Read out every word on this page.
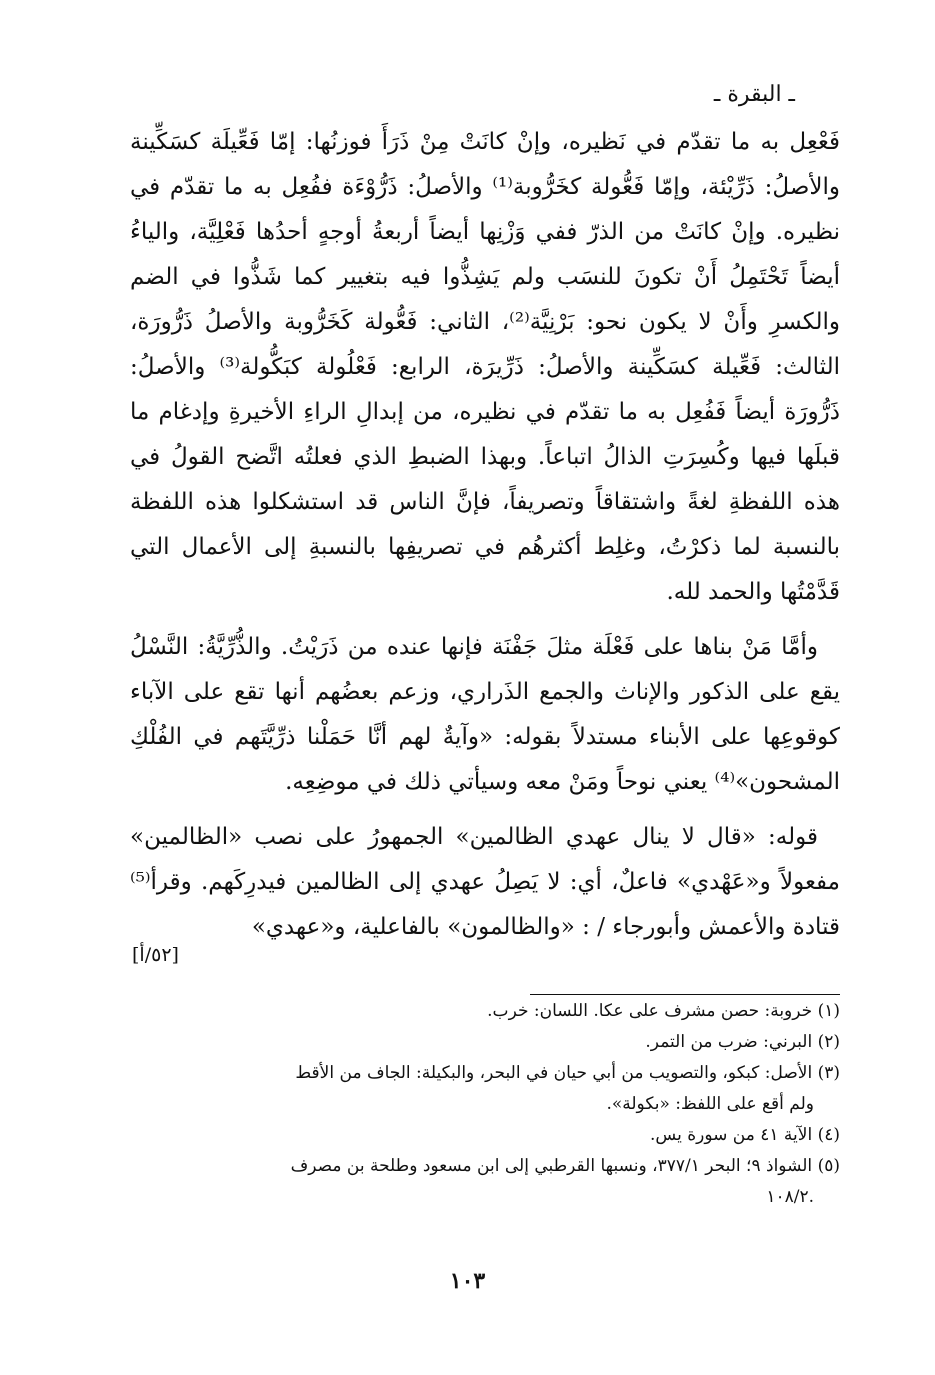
ـ البقرة ـ

فَعْعِل به ما تقدّم في نَظيره، وإنْ كانَتْ مِنْ ذَرَأَ فوزنُها: إمّا فَعِّيلَة كسَكِّينة والأصلُ: ذَرِّيْئة، وإمّا فَعُّولة كخَرُّوبة⁽¹⁾ والأصلُ: ذَرُّوْءَة ففُعِل به ما تقدّم في نظيره. وإنْ كانَتْ من الذرّ ففي وَزْنِها أيضاً أربعةُ أوجهٍ أحدُها فَعْلِيَّة، والياءُ أيضاً تَحْتَمِلُ أَنْ تكونَ للنسَب ولم يَشِذُّوا فيه بتغيير كما شَذُّوا في الضم والكسرِ وأَنْ لا يكون نحو: بَرْنِيَّة⁽²⁾، الثاني: فَعُّولة كَخَرُّوبة والأصلُ ذَرُّورَة، الثالث: فَعِّيلة كسَكِّينة والأصلُ: ذَرِّيرَة، الرابع: فَعْلُولة كبَكُّولة⁽³⁾ والأصلُ: ذَرُّورَة أيضاً فَفُعِل به ما تقدّم في نظيره، من إبدالِ الراءِ الأخيرةِ وإدغام ما قبلَها فيها وكُسِرَتِ الذالُ اتباعاً. وبهذا الضبطِ الذي فعلتُه اتَّضح القولُ في هذه اللفظةِ لغةً واشتقاقاً وتصريفاً، فإنَّ الناس قد استشكلوا هذه اللفظة بالنسبة لما ذكرْتُ، وغلِط أكثرهُم في تصريفِها بالنسبةِ إلى الأعمال التي قَدَّمْتُها والحمد لله.

وأمَّا مَنْ بناها على فَعْلَة مثلَ جَفْنَة فإنها عنده من ذَرَيْتُ. والذُّرِّيَّةُ: النَّسْلُ يقع على الذكور والإناث والجمع الذَراري، وزعم بعضُهم أنها تقع على الآباء كوقوعِها على الأبناء مستدلاً بقوله: «وآيةٌ لهم أنَّا حَمَلْنا ذرِّيَّتَهم في الفُلْكِ المشحون»⁽⁴⁾ يعني نوحاً ومَنْ معه وسيأتي ذلك في موضِعِه.

قوله: «قال لا ينال عهدي الظالمين» الجمهورُ على نصب «الظالمين» مفعولاً و«عَهْدي» فاعلٌ، أي: لا يَصِلُ عهدي إلى الظالمين فيدرِكَهم. وقرأ⁽⁵⁾ قتادة والأعمش وأبورجاء / : «والظالمون» بالفاعلية، و«عهدي»

[٥٢/أ]

(١) خروبة: حصن مشرف على عكا. اللسان: خرب.

(٢) البرني: ضرب من التمر.

(٣) الأصل: كبكو، والتصويب من أبي حيان في البحر، والبكيلة: الجاف من الأقط

ولم أقع على اللفظ: «بكولة».

(٤) الآية ٤١ من سورة يس.

(٥) الشواذ ٩؛ البحر ٣٧٧/١، ونسبها القرطبي إلى ابن مسعود وطلحة بن مصرف

.١٠٨/٢

١٠٣
